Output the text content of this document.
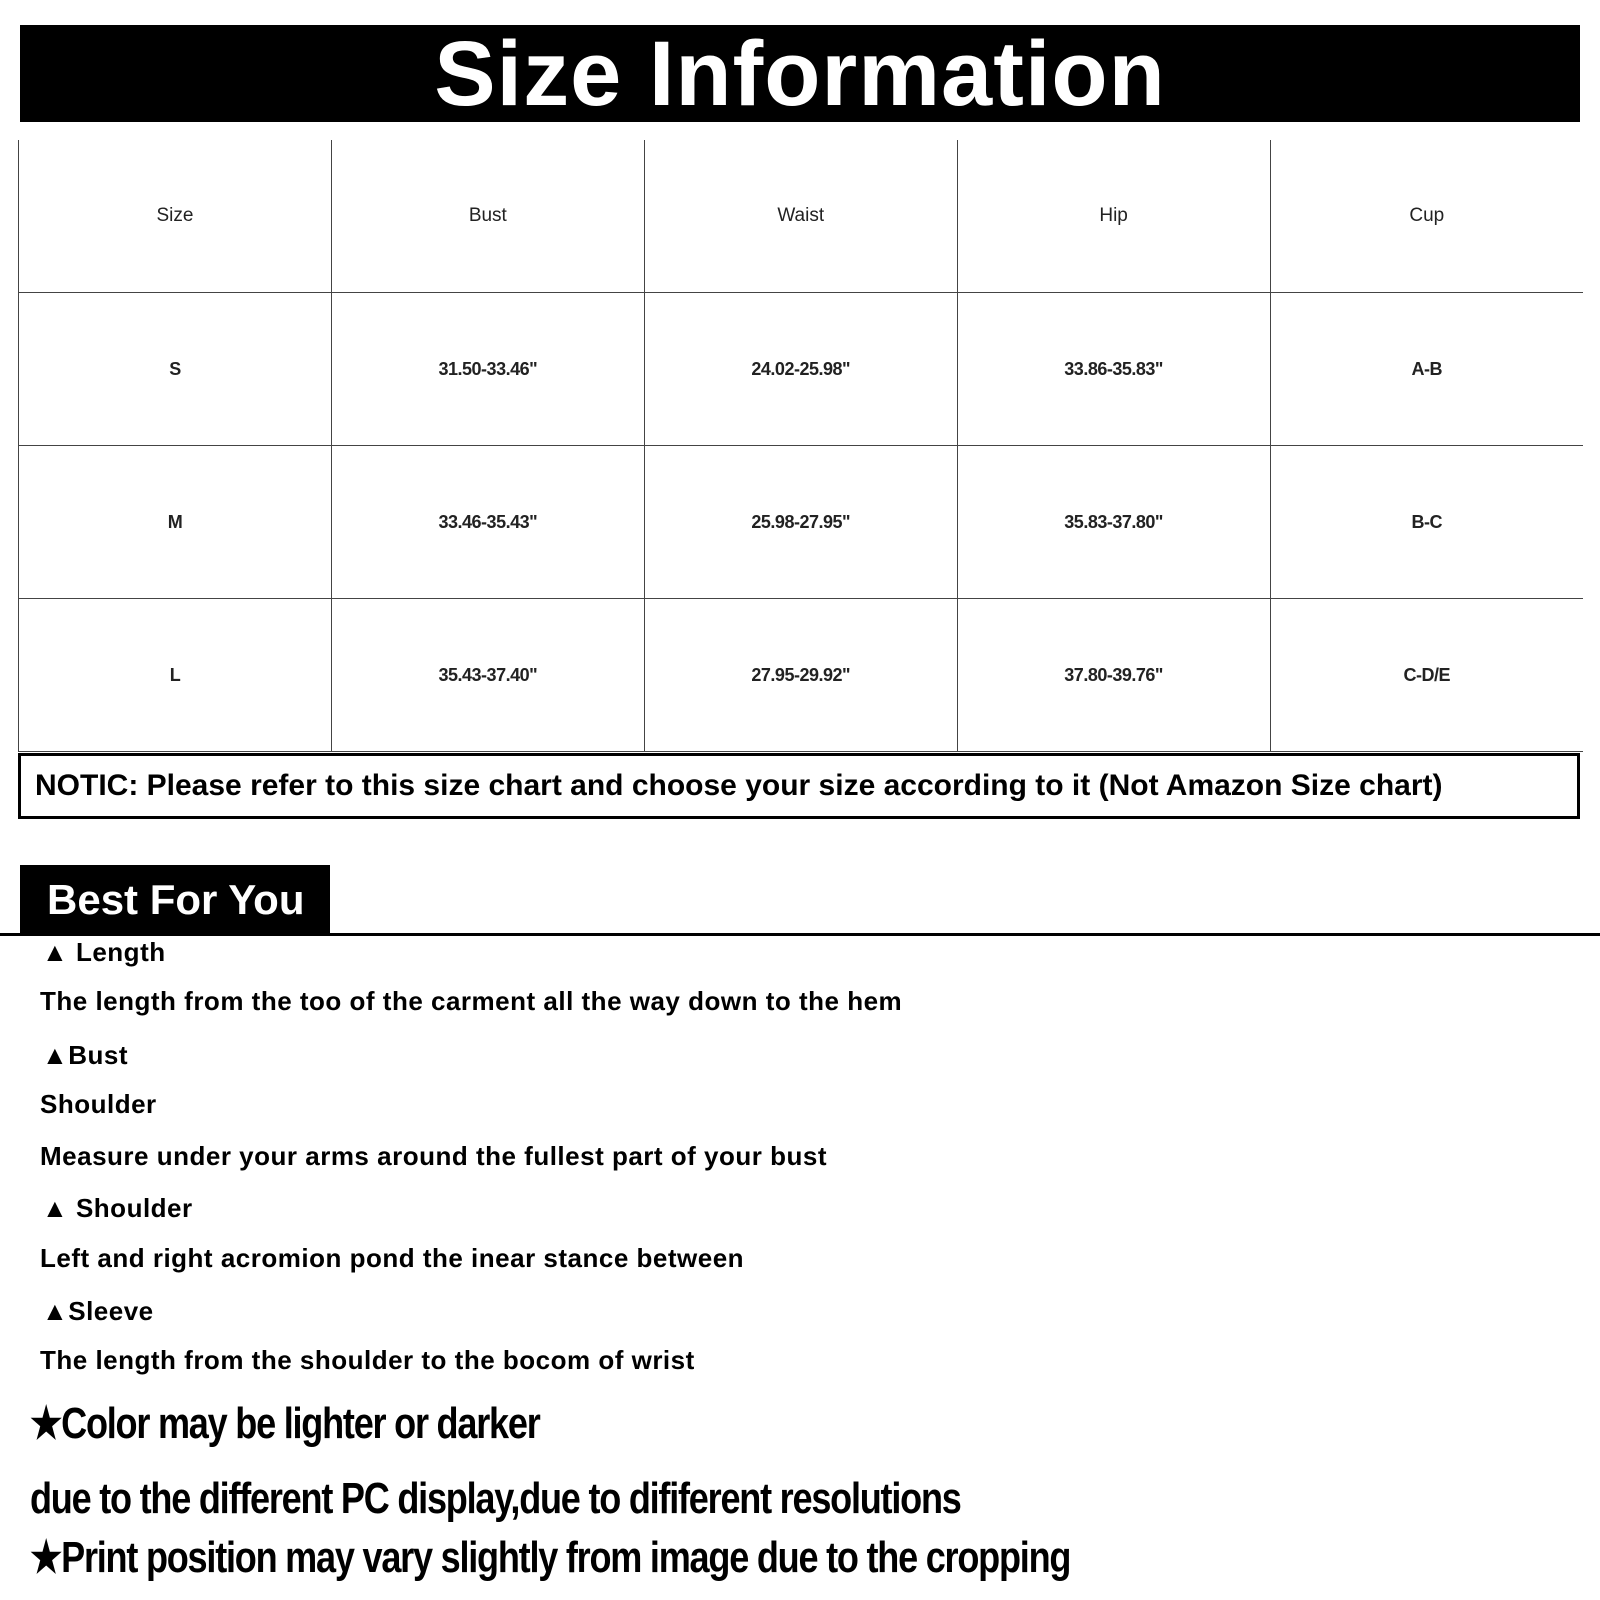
Size Information
Size	Bust	Waist	Hip	Cup
S	31.50-33.46"	24.02-25.98"	33.86-35.83"	A-B
M	33.46-35.43"	25.98-27.95"	35.83-37.80"	B-C
L	35.43-37.40"	27.95-29.92"	37.80-39.76"	C-D/E
NOTIC: Please refer to this size chart and choose your size according to it (Not Amazon Size chart)
Best For You
▲ Length
The length from the too of the carment all the way down to the hem
▲Bust
Shoulder
Measure under your arms around the fullest part of your bust
▲ Shoulder
Left and right acromion pond the inear stance between
▲Sleeve
The length from the shoulder to the bocom of wrist
★Color may be lighter or darker
due to the different PC display,due to dififerent resolutions
★Print position may vary slightly from image due to the cropping
